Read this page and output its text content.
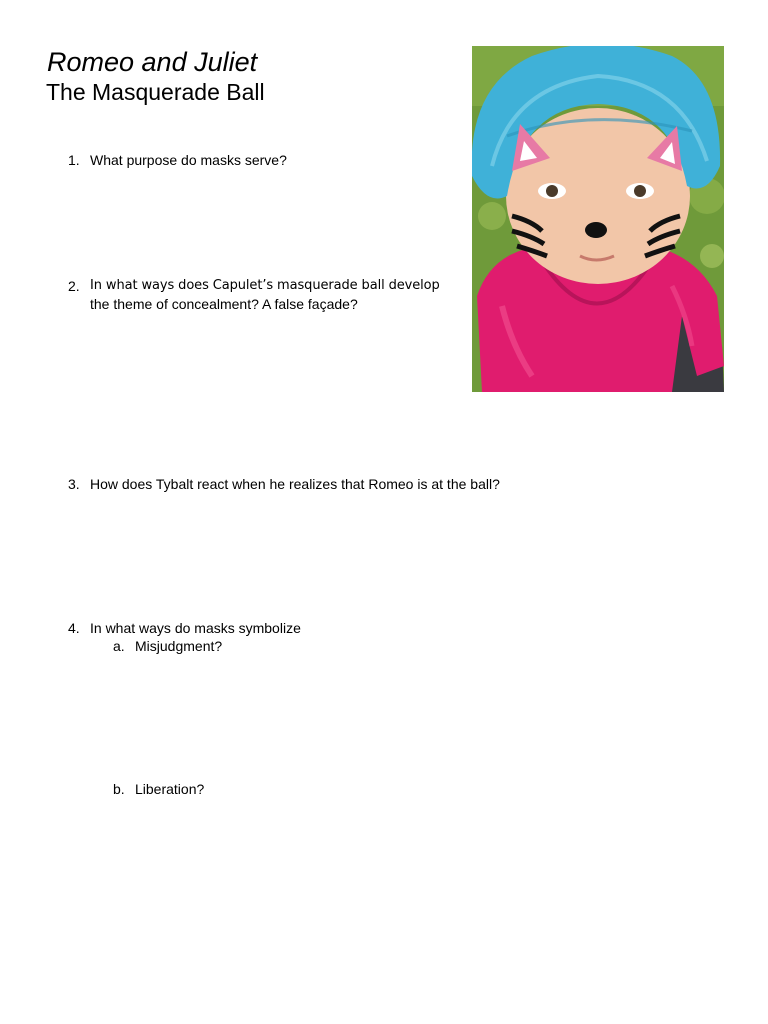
Romeo and Juliet
The Masquerade Ball
1. What purpose do masks serve?
2. In what ways does Capulet’s masquerade ball develop
the theme of concealment? A false façade?
3. How does Tybalt react when he realizes that Romeo is at the ball?
4. In what ways do masks symbolize
a. Misjudgment?
b. Liberation?
